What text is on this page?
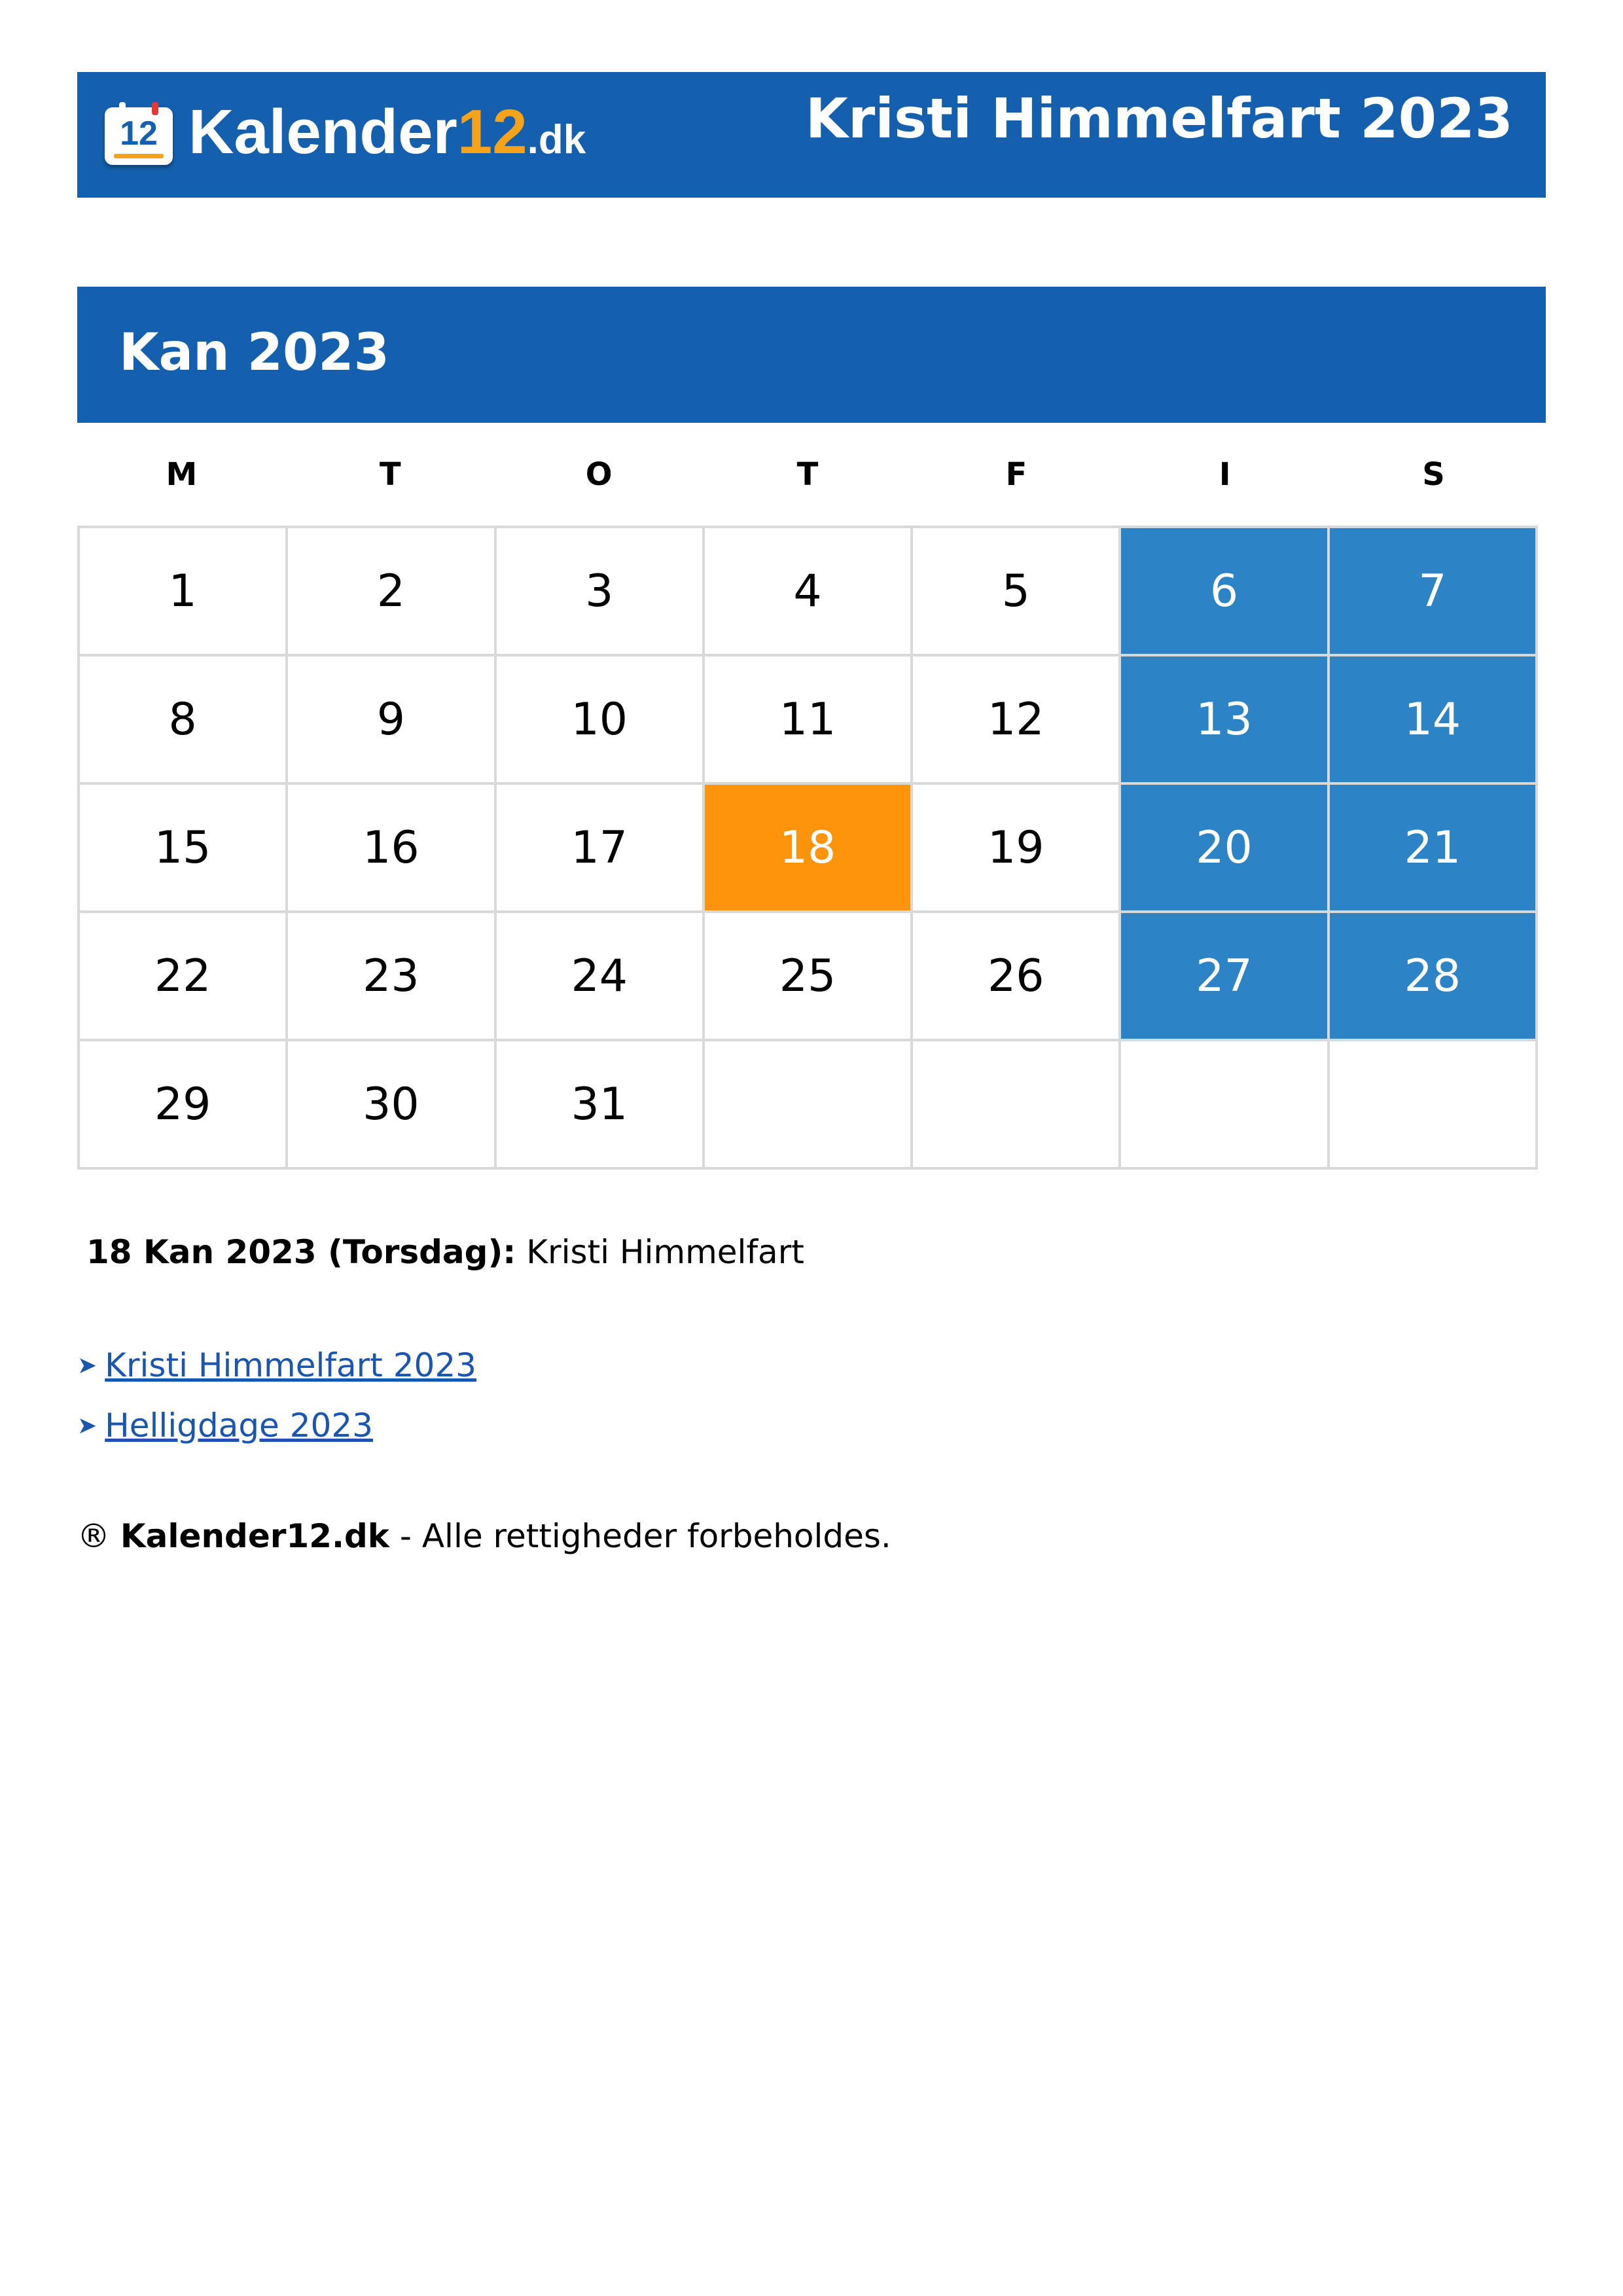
12 Kalender12.dk	Kristi Himmelfart 2023
Kan 2023
M	T	O	T	F	I	S
1	2	3	4	5	6	7
8	9	10	11	12	13	14
15	16	17	18	19	20	21
22	23	24	25	26	27	28
29	30	31
18 Kan 2023 (Torsdag): Kristi Himmelfart
➤ Kristi Himmelfart 2023
➤ Helligdage 2023
® Kalender12.dk - Alle rettigheder forbeholdes.
